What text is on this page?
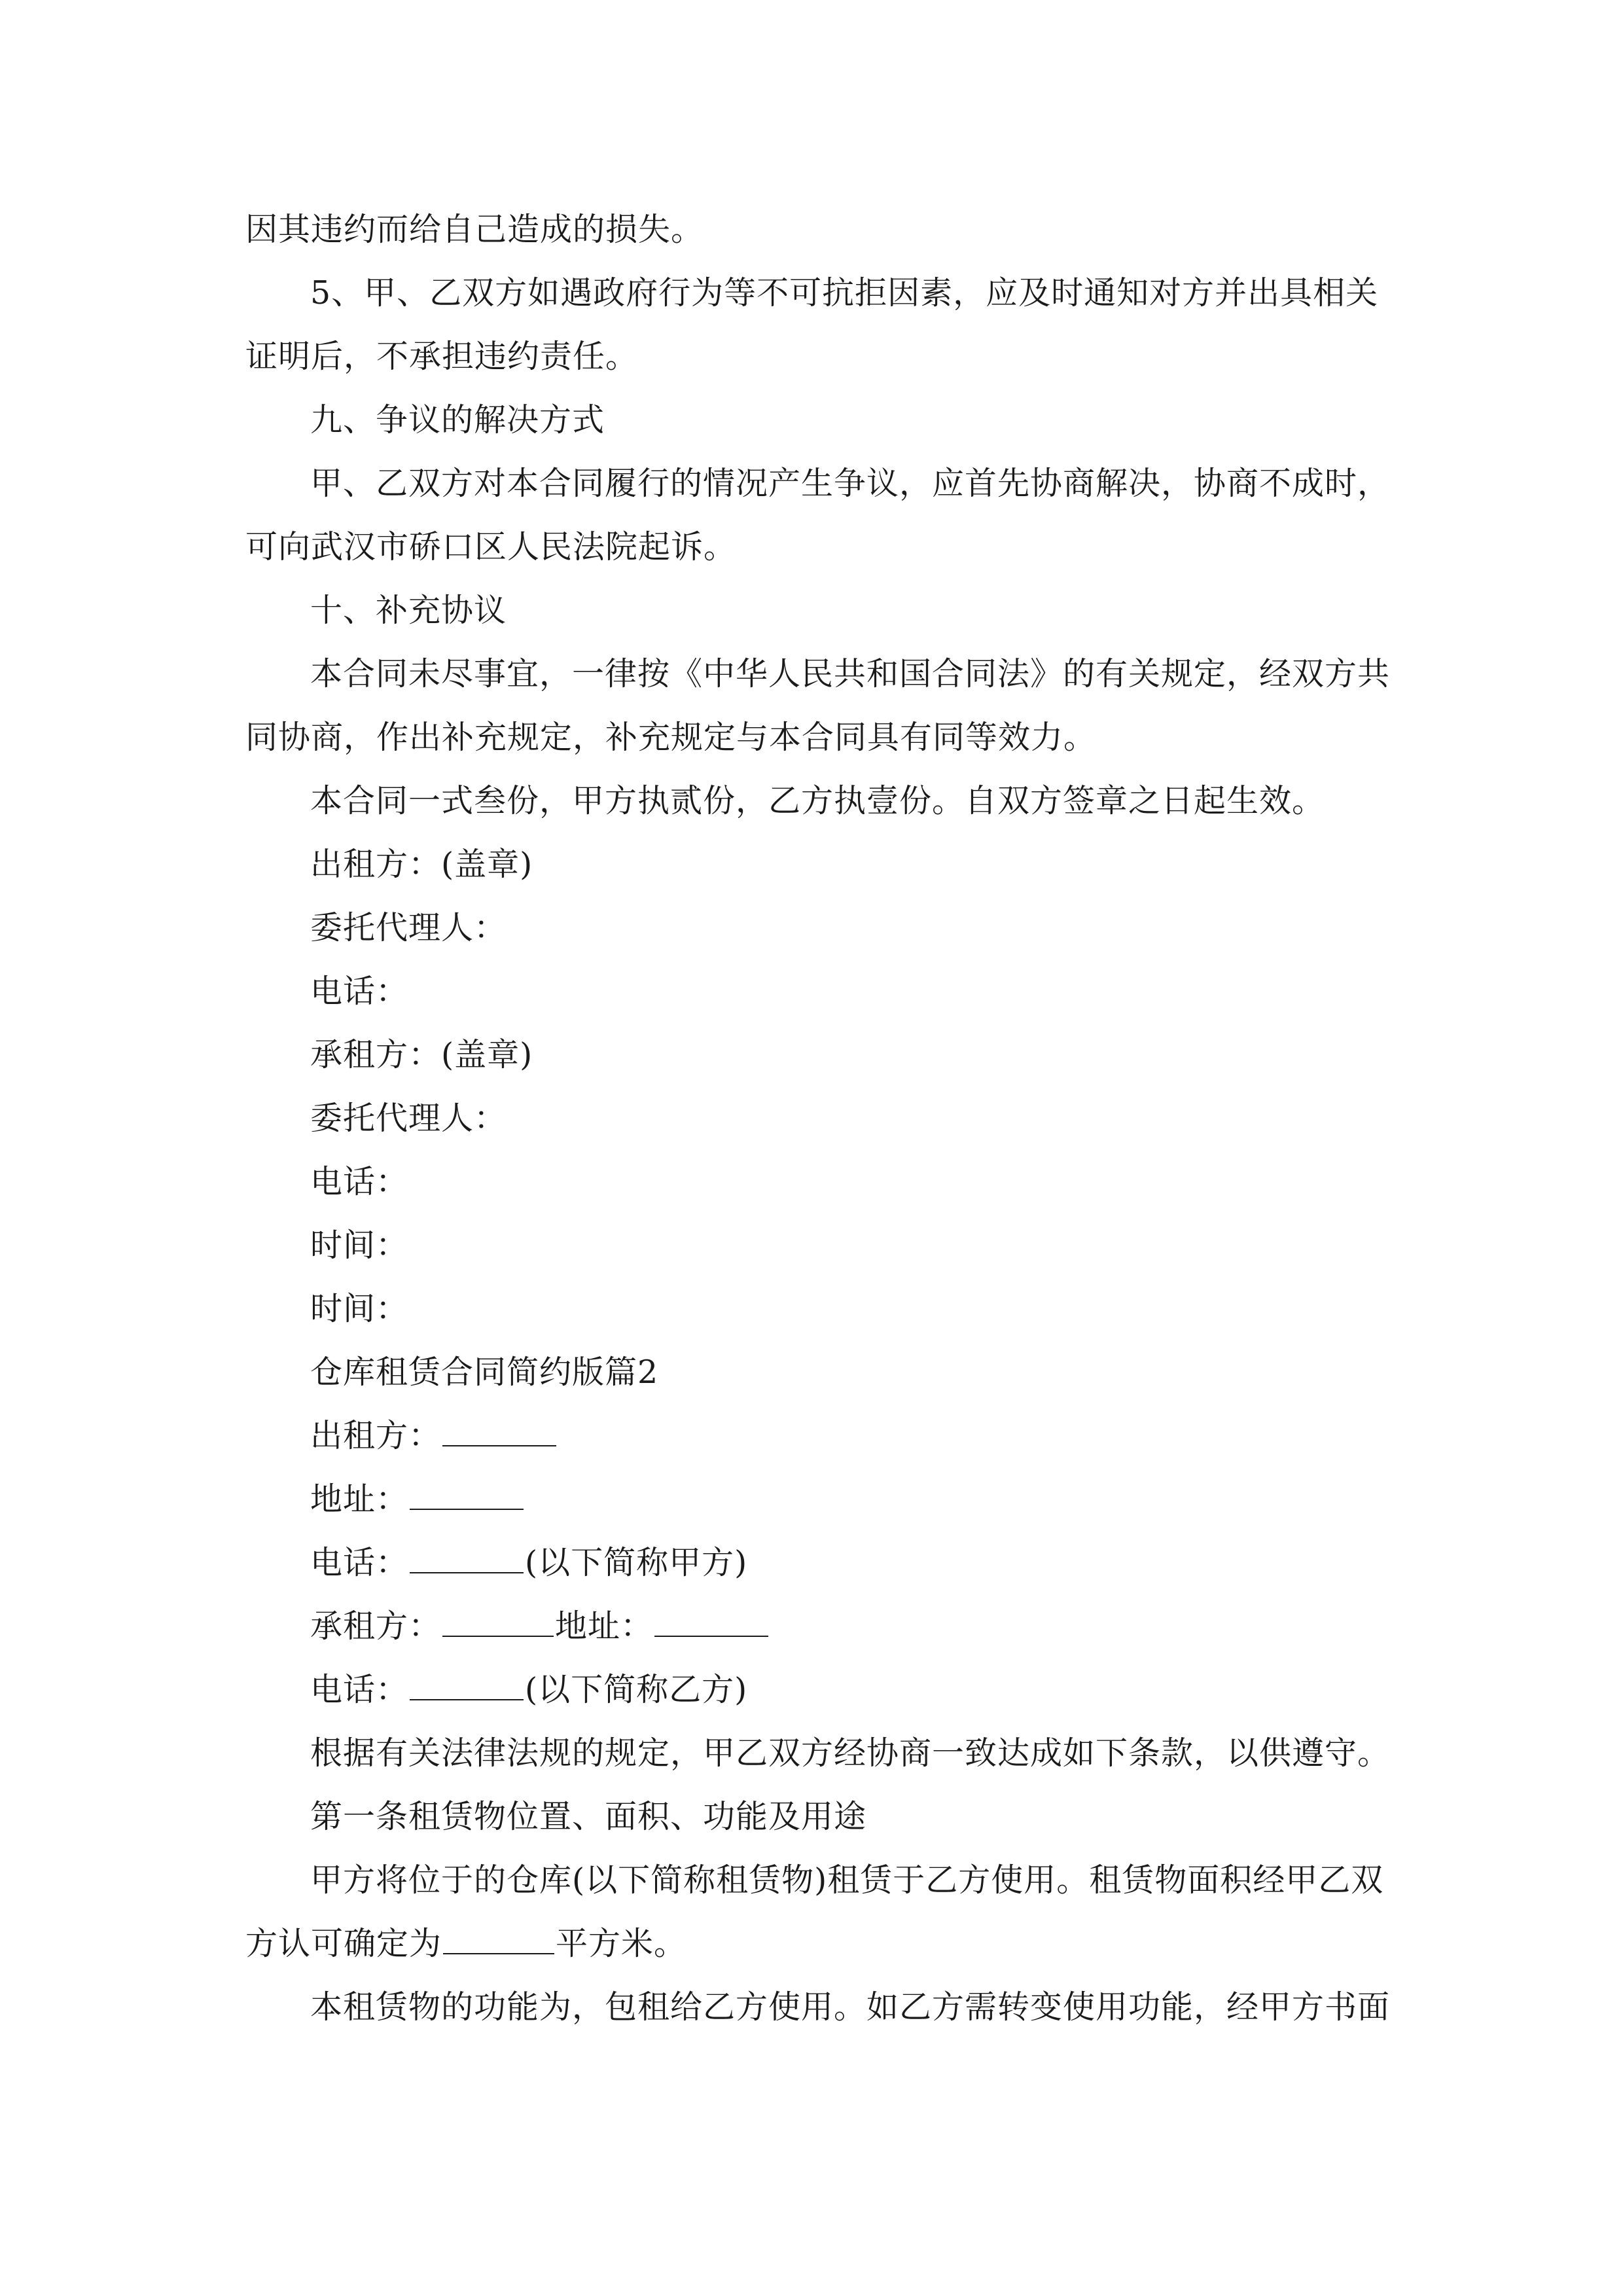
因其违约而给自己造成的损失。
5、甲、乙双方如遇政府行为等不可抗拒因素，应及时通知对方并出具相关
证明后，不承担违约责任。
九、争议的解决方式
甲、乙双方对本合同履行的情况产生争议，应首先协商解决，协商不成时，
可向武汉市硚口区人民法院起诉。
十、补充协议
本合同未尽事宜，一律按《中华人民共和国合同法》的有关规定，经双方共
同协商，作出补充规定，补充规定与本合同具有同等效力。
本合同一式叁份，甲方执贰份，乙方执壹份。自双方签章之日起生效。
出租方：(盖章)
委托代理人：
电话：
承租方：(盖章)
委托代理人：
电话：
时间：
时间：
仓库租赁合同简约版篇2
出租方：
地址：
电话：	(以下简称甲方)
承租方：	地址：
电话：	(以下简称乙方)
根据有关法律法规的规定，甲乙双方经协商一致达成如下条款，以供遵守。
第一条租赁物位置、面积、功能及用途
甲方将位于的仓库(以下简称租赁物)租赁于乙方使用。租赁物面积经甲乙双
方认可确定为	平方米。
本租赁物的功能为，包租给乙方使用。如乙方需转变使用功能，经甲方书面
